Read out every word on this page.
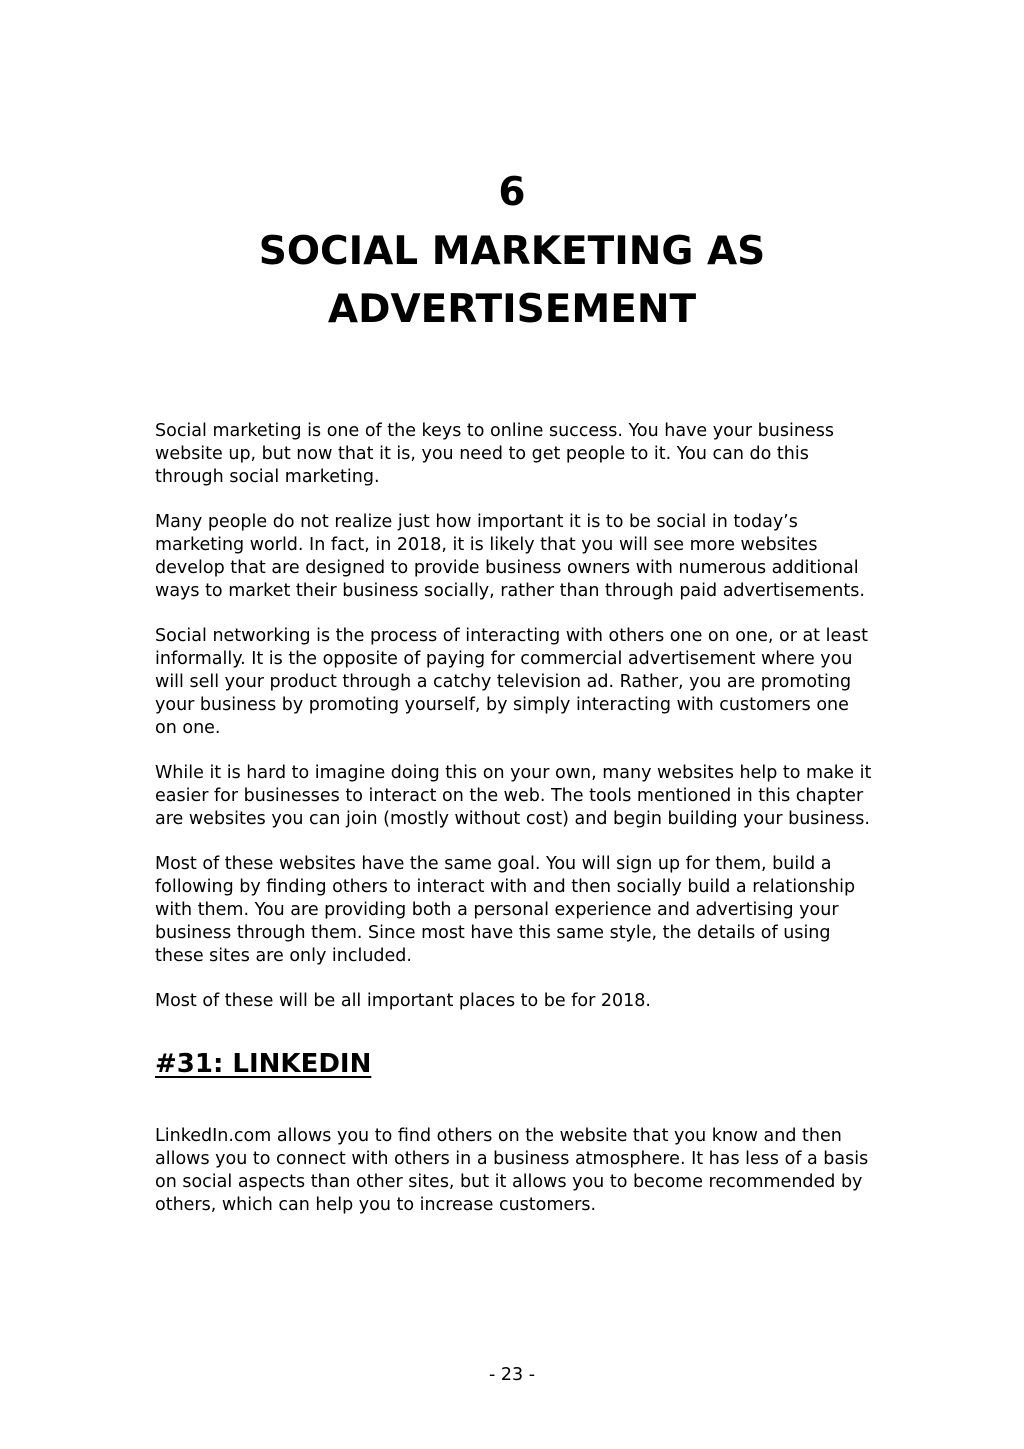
6
SOCIAL MARKETING AS
ADVERTISEMENT

Social marketing is one of the keys to online success. You have your business website up, but now that it is, you need to get people to it. You can do this through social marketing.

Many people do not realize just how important it is to be social in today’s marketing world. In fact, in 2018, it is likely that you will see more websites develop that are designed to provide business owners with numerous additional ways to market their business socially, rather than through paid advertisements.

Social networking is the process of interacting with others one on one, or at least informally. It is the opposite of paying for commercial advertisement where you will sell your product through a catchy television ad. Rather, you are promoting your business by promoting yourself, by simply interacting with customers one on one.

While it is hard to imagine doing this on your own, many websites help to make it easier for businesses to interact on the web. The tools mentioned in this chapter are websites you can join (mostly without cost) and begin building your business.

Most of these websites have the same goal. You will sign up for them, build a following by finding others to interact with and then socially build a relationship with them. You are providing both a personal experience and advertising your business through them. Since most have this same style, the details of using these sites are only included.

Most of these will be all important places to be for 2018.

#31: LINKEDIN

LinkedIn.com allows you to find others on the website that you know and then allows you to connect with others in a business atmosphere. It has less of a basis on social aspects than other sites, but it allows you to become recommended by others, which can help you to increase customers.

- 23 -
